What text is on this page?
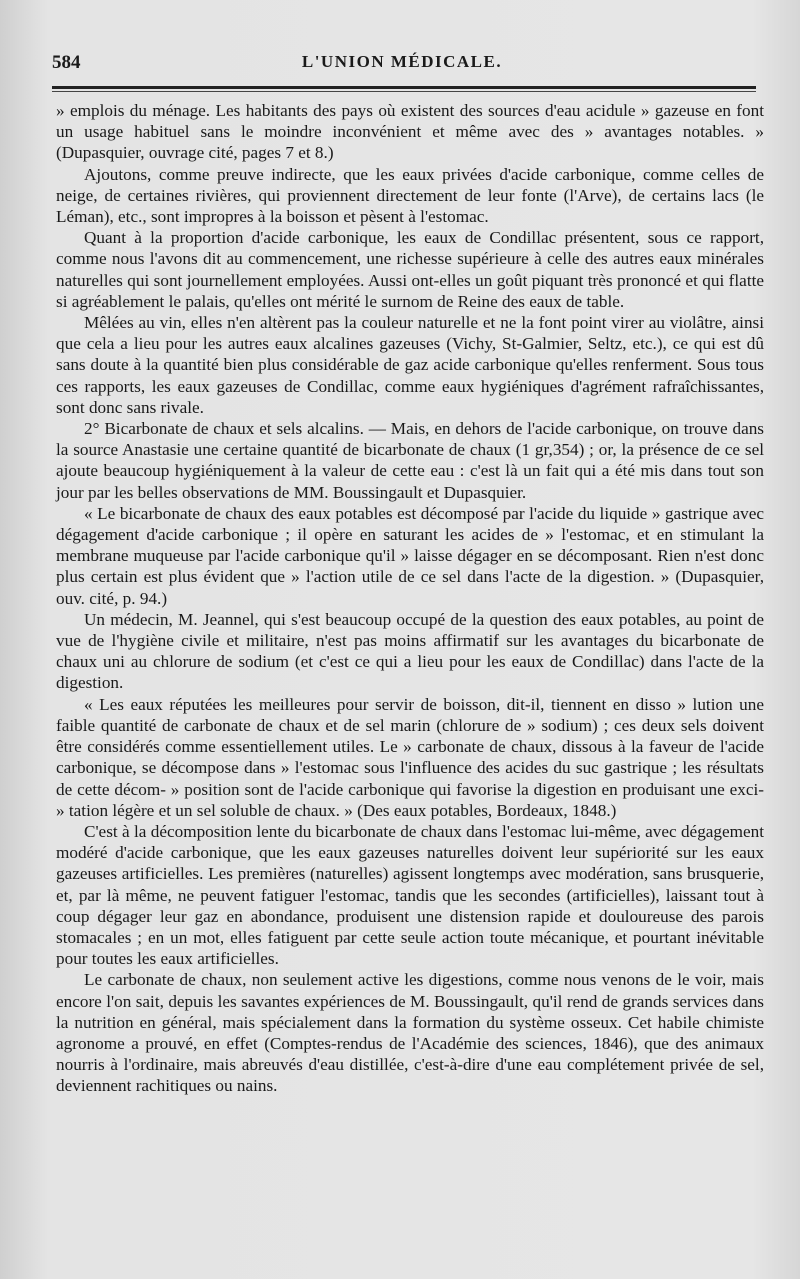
584	L'UNION MÉDICALE.

» emplois du ménage. Les habitants des pays où existent des sources d'eau acidule » gazeuse en font un usage habituel sans le moindre inconvénient et même avec des » avantages notables. » (Dupasquier, ouvrage cité, pages 7 et 8.)

Ajoutons, comme preuve indirecte, que les eaux privées d'acide carbonique, comme celles de neige, de certaines rivières, qui proviennent directement de leur fonte (l'Arve), de certains lacs (le Léman), etc., sont impropres à la boisson et pèsent à l'estomac.

Quant à la proportion d'acide carbonique, les eaux de Condillac présentent, sous ce rapport, comme nous l'avons dit au commencement, une richesse supérieure à celle des autres eaux minérales naturelles qui sont journellement employées. Aussi ont-elles un goût piquant très prononcé et qui flatte si agréablement le palais, qu'elles ont mérité le surnom de Reine des eaux de table.

Mêlées au vin, elles n'en altèrent pas la couleur naturelle et ne la font point virer au violâtre, ainsi que cela a lieu pour les autres eaux alcalines gazeuses (Vichy, St-Galmier, Seltz, etc.), ce qui est dû sans doute à la quantité bien plus considérable de gaz acide carbonique qu'elles renferment. Sous tous ces rapports, les eaux gazeuses de Condillac, comme eaux hygiéniques d'agrément rafraîchissantes, sont donc sans rivale.

2° Bicarbonate de chaux et sels alcalins. — Mais, en dehors de l'acide carbonique, on trouve dans la source Anastasie une certaine quantité de bicarbonate de chaux (1 gr,354) ; or, la présence de ce sel ajoute beaucoup hygiéniquement à la valeur de cette eau : c'est là un fait qui a été mis dans tout son jour par les belles observations de MM. Boussingault et Dupasquier.

« Le bicarbonate de chaux des eaux potables est décomposé par l'acide du liquide » gastrique avec dégagement d'acide carbonique ; il opère en saturant les acides de » l'estomac, et en stimulant la membrane muqueuse par l'acide carbonique qu'il » laisse dégager en se décomposant. Rien n'est donc plus certain est plus évident que » l'action utile de ce sel dans l'acte de la digestion. » (Dupasquier, ouv. cité, p. 94.)

Un médecin, M. Jeannel, qui s'est beaucoup occupé de la question des eaux potables, au point de vue de l'hygiène civile et militaire, n'est pas moins affirmatif sur les avantages du bicarbonate de chaux uni au chlorure de sodium (et c'est ce qui a lieu pour les eaux de Condillac) dans l'acte de la digestion.

« Les eaux réputées les meilleures pour servir de boisson, dit-il, tiennent en disso » lution une faible quantité de carbonate de chaux et de sel marin (chlorure de » sodium) ; ces deux sels doivent être considérés comme essentiellement utiles. Le » carbonate de chaux, dissous à la faveur de l'acide carbonique, se décompose dans » l'estomac sous l'influence des acides du suc gastrique ; les résultats de cette décom- » position sont de l'acide carbonique qui favorise la digestion en produisant une exci- » tation légère et un sel soluble de chaux. » (Des eaux potables, Bordeaux, 1848.)

C'est à la décomposition lente du bicarbonate de chaux dans l'estomac lui-même, avec dégagement modéré d'acide carbonique, que les eaux gazeuses naturelles doivent leur supériorité sur les eaux gazeuses artificielles. Les premières (naturelles) agissent longtemps avec modération, sans brusquerie, et, par là même, ne peuvent fatiguer l'estomac, tandis que les secondes (artificielles), laissant tout à coup dégager leur gaz en abondance, produisent une distension rapide et douloureuse des parois stomacales ; en un mot, elles fatiguent par cette seule action toute mécanique, et pourtant inévitable pour toutes les eaux artificielles.

Le carbonate de chaux, non seulement active les digestions, comme nous venons de le voir, mais encore l'on sait, depuis les savantes expériences de M. Boussingault, qu'il rend de grands services dans la nutrition en général, mais spécialement dans la formation du système osseux. Cet habile chimiste agronome a prouvé, en effet (Comptes-rendus de l'Académie des sciences, 1846), que des animaux nourris à l'ordinaire, mais abreuvés d'eau distillée, c'est-à-dire d'une eau complétement privée de sel, deviennent rachitiques ou nains.
